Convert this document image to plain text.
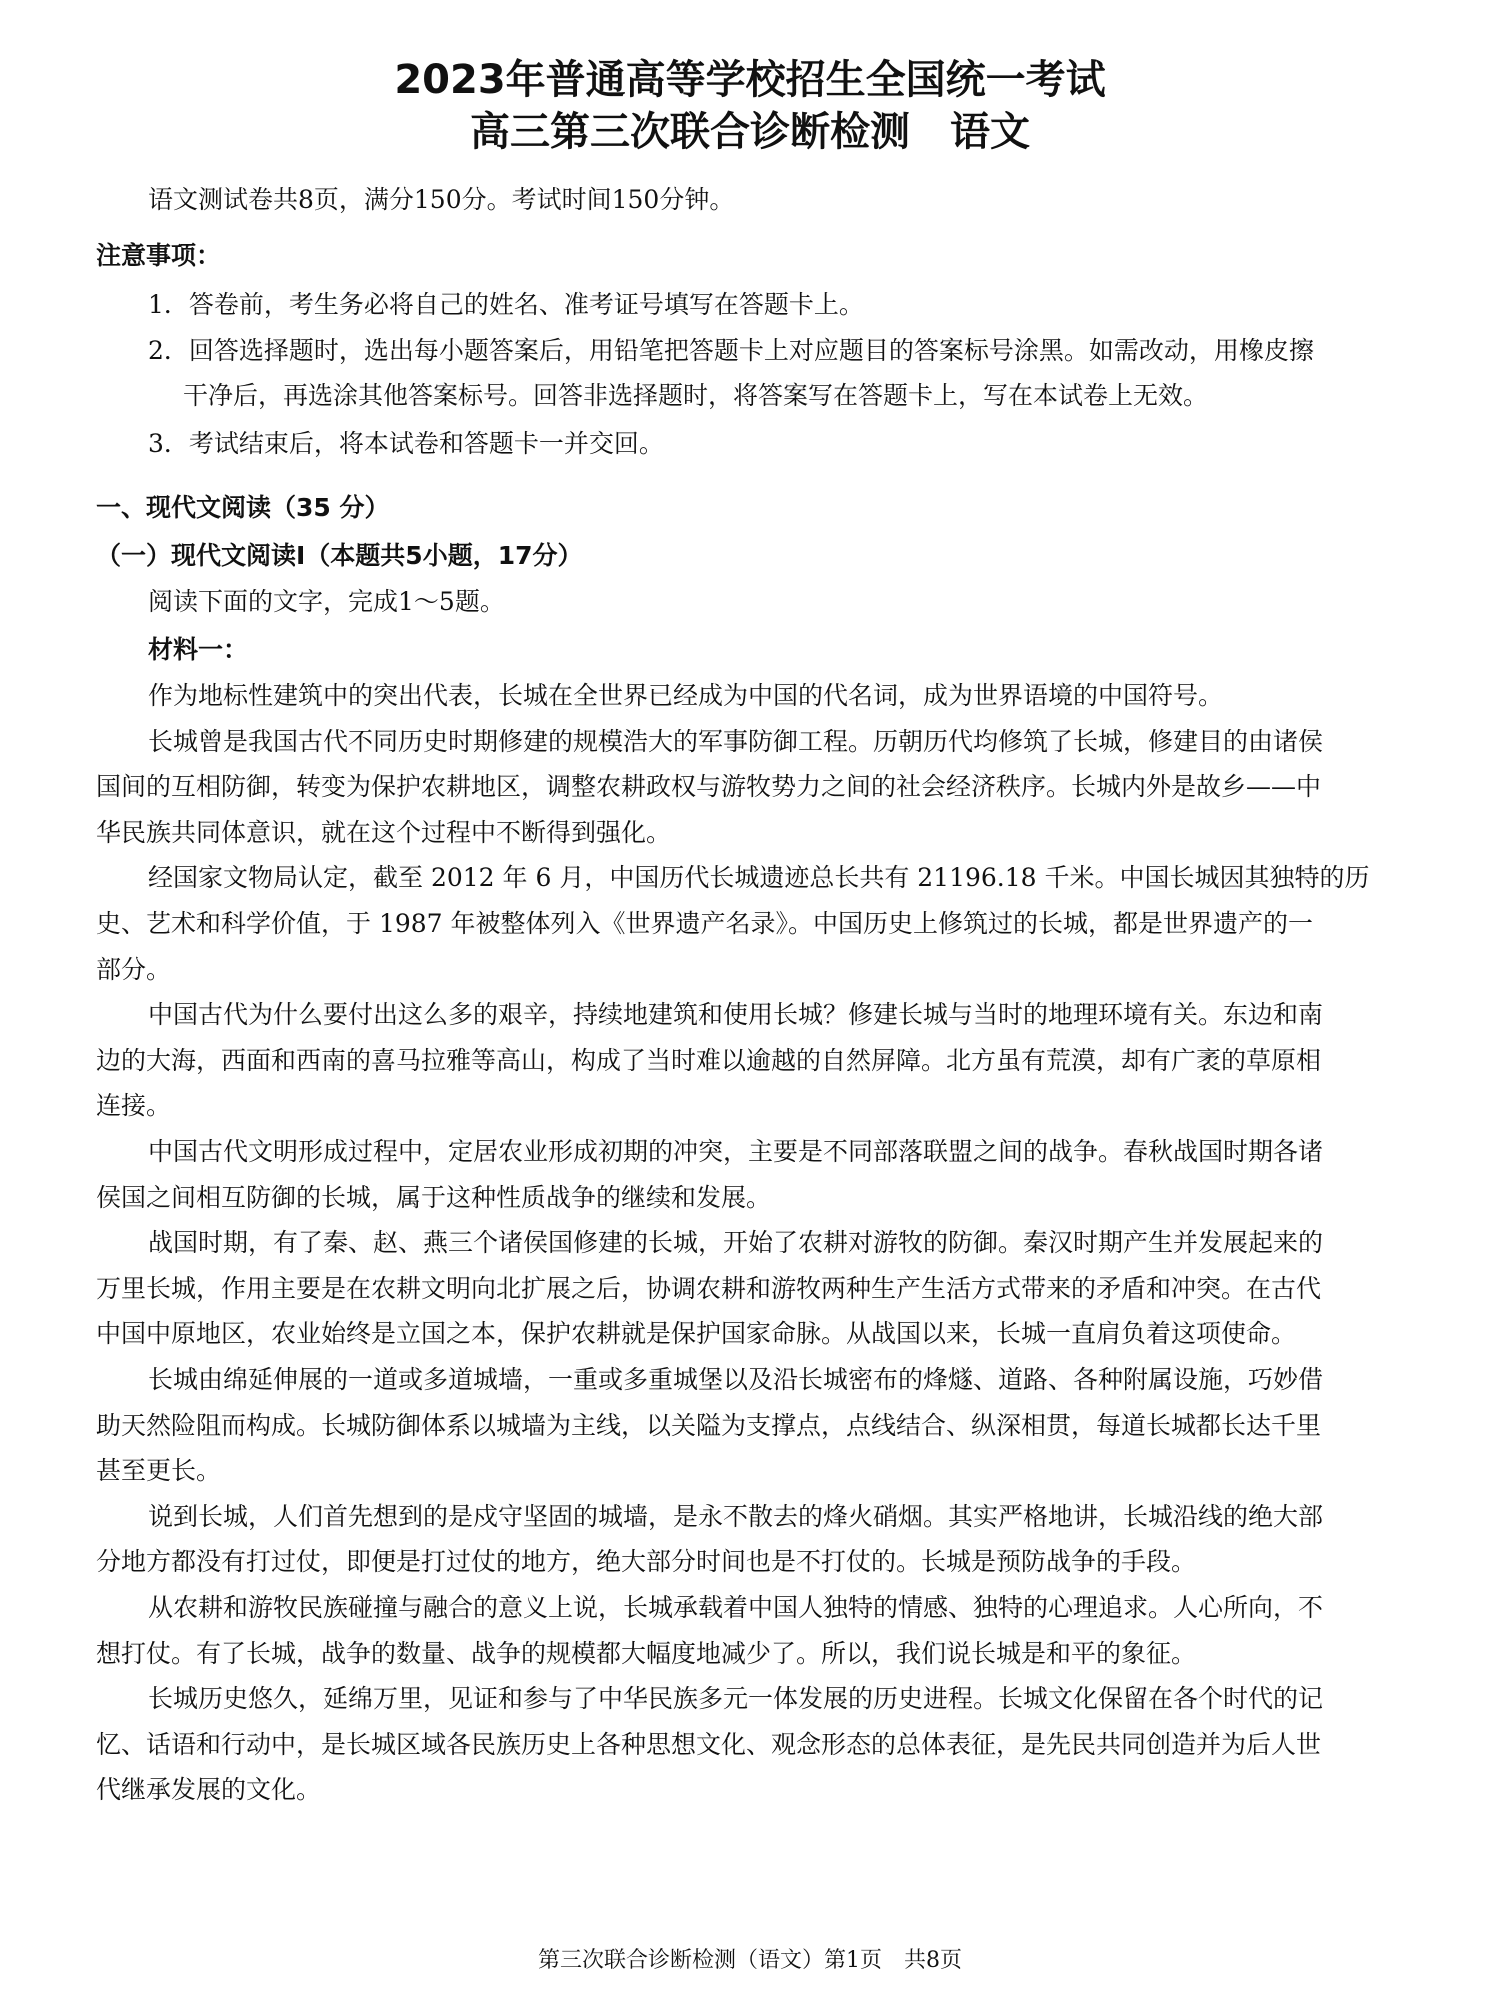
2023年普通高等学校招生全国统一考试
高三第三次联合诊断检测 语文
语文测试卷共8页，满分150分。考试时间150分钟。
注意事项：
1．答卷前，考生务必将自己的姓名、准考证号填写在答题卡上。
2．回答选择题时，选出每小题答案后，用铅笔把答题卡上对应题目的答案标号涂黑。如需改动，用橡皮擦
干净后，再选涂其他答案标号。回答非选择题时，将答案写在答题卡上，写在本试卷上无效。
3．考试结束后，将本试卷和答题卡一并交回。
一、现代文阅读（35 分）
（一）现代文阅读Ⅰ（本题共5小题，17分）
阅读下面的文字，完成1～5题。
材料一：
作为地标性建筑中的突出代表，长城在全世界已经成为中国的代名词，成为世界语境的中国符号。
长城曾是我国古代不同历史时期修建的规模浩大的军事防御工程。历朝历代均修筑了长城，修建目的由诸侯
国间的互相防御，转变为保护农耕地区，调整农耕政权与游牧势力之间的社会经济秩序。长城内外是故乡——中
华民族共同体意识，就在这个过程中不断得到强化。
经国家文物局认定，截至 2012 年 6 月，中国历代长城遗迹总长共有 21196.18 千米。中国长城因其独特的历
史、艺术和科学价值，于 1987 年被整体列入《世界遗产名录》。中国历史上修筑过的长城，都是世界遗产的一
部分。
中国古代为什么要付出这么多的艰辛，持续地建筑和使用长城？修建长城与当时的地理环境有关。东边和南
边的大海，西面和西南的喜马拉雅等高山，构成了当时难以逾越的自然屏障。北方虽有荒漠，却有广袤的草原相
连接。
中国古代文明形成过程中，定居农业形成初期的冲突，主要是不同部落联盟之间的战争。春秋战国时期各诸
侯国之间相互防御的长城，属于这种性质战争的继续和发展。
战国时期，有了秦、赵、燕三个诸侯国修建的长城，开始了农耕对游牧的防御。秦汉时期产生并发展起来的
万里长城，作用主要是在农耕文明向北扩展之后，协调农耕和游牧两种生产生活方式带来的矛盾和冲突。在古代
中国中原地区，农业始终是立国之本，保护农耕就是保护国家命脉。从战国以来，长城一直肩负着这项使命。
长城由绵延伸展的一道或多道城墙，一重或多重城堡以及沿长城密布的烽燧、道路、各种附属设施，巧妙借
助天然险阻而构成。长城防御体系以城墙为主线，以关隘为支撑点，点线结合、纵深相贯，每道长城都长达千里
甚至更长。
说到长城，人们首先想到的是戍守坚固的城墙，是永不散去的烽火硝烟。其实严格地讲，长城沿线的绝大部
分地方都没有打过仗，即便是打过仗的地方，绝大部分时间也是不打仗的。长城是预防战争的手段。
从农耕和游牧民族碰撞与融合的意义上说，长城承载着中国人独特的情感、独特的心理追求。人心所向，不
想打仗。有了长城，战争的数量、战争的规模都大幅度地减少了。所以，我们说长城是和平的象征。
长城历史悠久，延绵万里，见证和参与了中华民族多元一体发展的历史进程。长城文化保留在各个时代的记
忆、话语和行动中，是长城区域各民族历史上各种思想文化、观念形态的总体表征，是先民共同创造并为后人世
代继承发展的文化。
第三次联合诊断检测（语文）第1页　共8页
